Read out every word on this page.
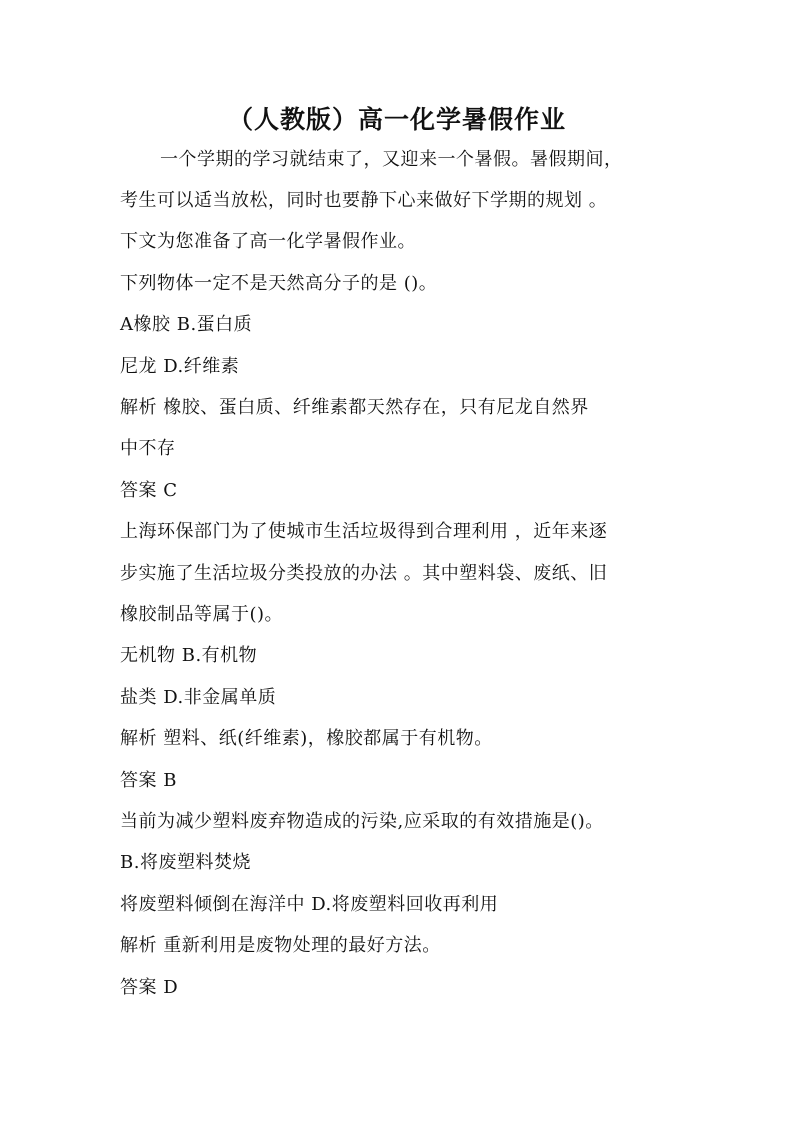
（人教版）高一化学暑假作业
一个学期的学习就结束了，又迎来一个暑假。暑假期间，
考生可以适当放松，同时也要静下心来做好下学期的规划 。
下文为您准备了高一化学暑假作业。
下列物体一定不是天然高分子的是 ()。
A橡胶 B.蛋白质
尼龙 D.纤维素
解析 橡胶、蛋白质、纤维素都天然存在，只有尼龙自然界
中不存
答案 C
上海环保部门为了使城市生活垃圾得到合理利用 ，近年来逐
步实施了生活垃圾分类投放的办法 。其中塑料袋、废纸、旧
橡胶制品等属于()。
无机物 B.有机物
盐类 D.非金属单质
解析 塑料、纸(纤维素)，橡胶都属于有机物。
答案 B
当前为减少塑料废弃物造成的污染,应采取的有效措施是()。
B.将废塑料焚烧
将废塑料倾倒在海洋中 D.将废塑料回收再利用
解析 重新利用是废物处理的最好方法。
答案 D
